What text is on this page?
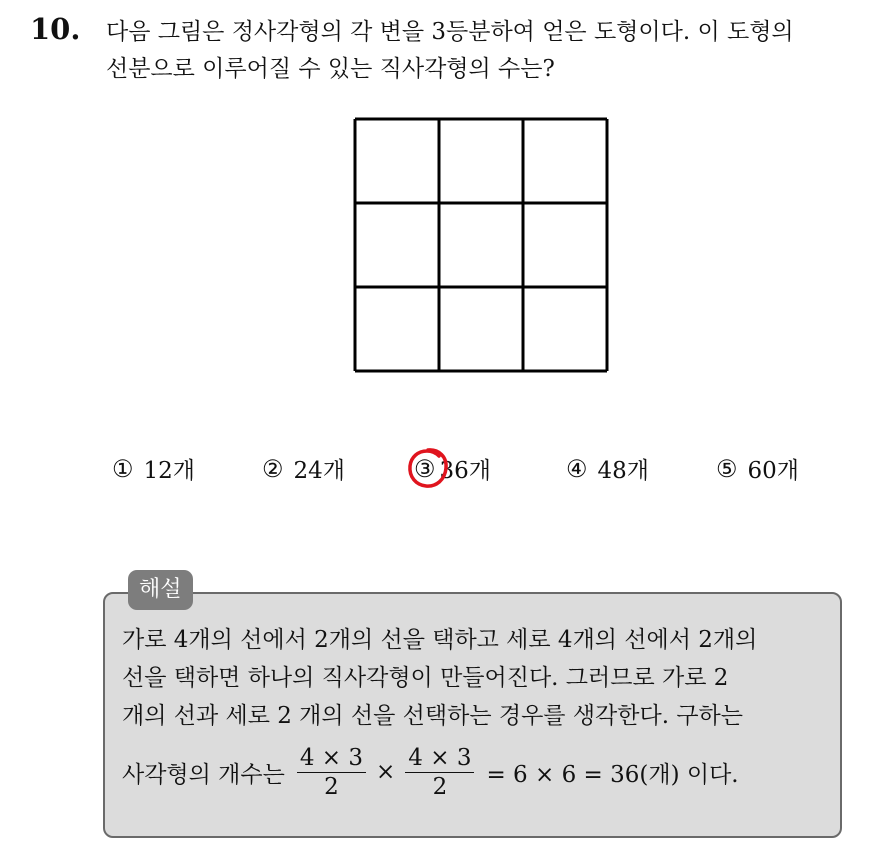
10. 다음 그림은 정사각형의 각 변을 3등분하여 얻은 도형이다. 이 도형의
선분으로 이루어질 수 있는 직사각형의 수는?
① 12개	② 24개	③ 36개	④ 48개	⑤ 60개
해설
가로 4개의 선에서 2개의 선을 택하고 세로 4개의 선에서 2개의
선을 택하면 하나의 직사각형이 만들어진다. 그러므로 가로 2
개의 선과 세로 2 개의 선을 선택하는 경우를 생각한다. 구하는
사각형의 개수는 $\frac{4 \times 3}{2} \times \frac{4 \times 3}{2} = 6 \times 6 = 36$(개) 이다.
